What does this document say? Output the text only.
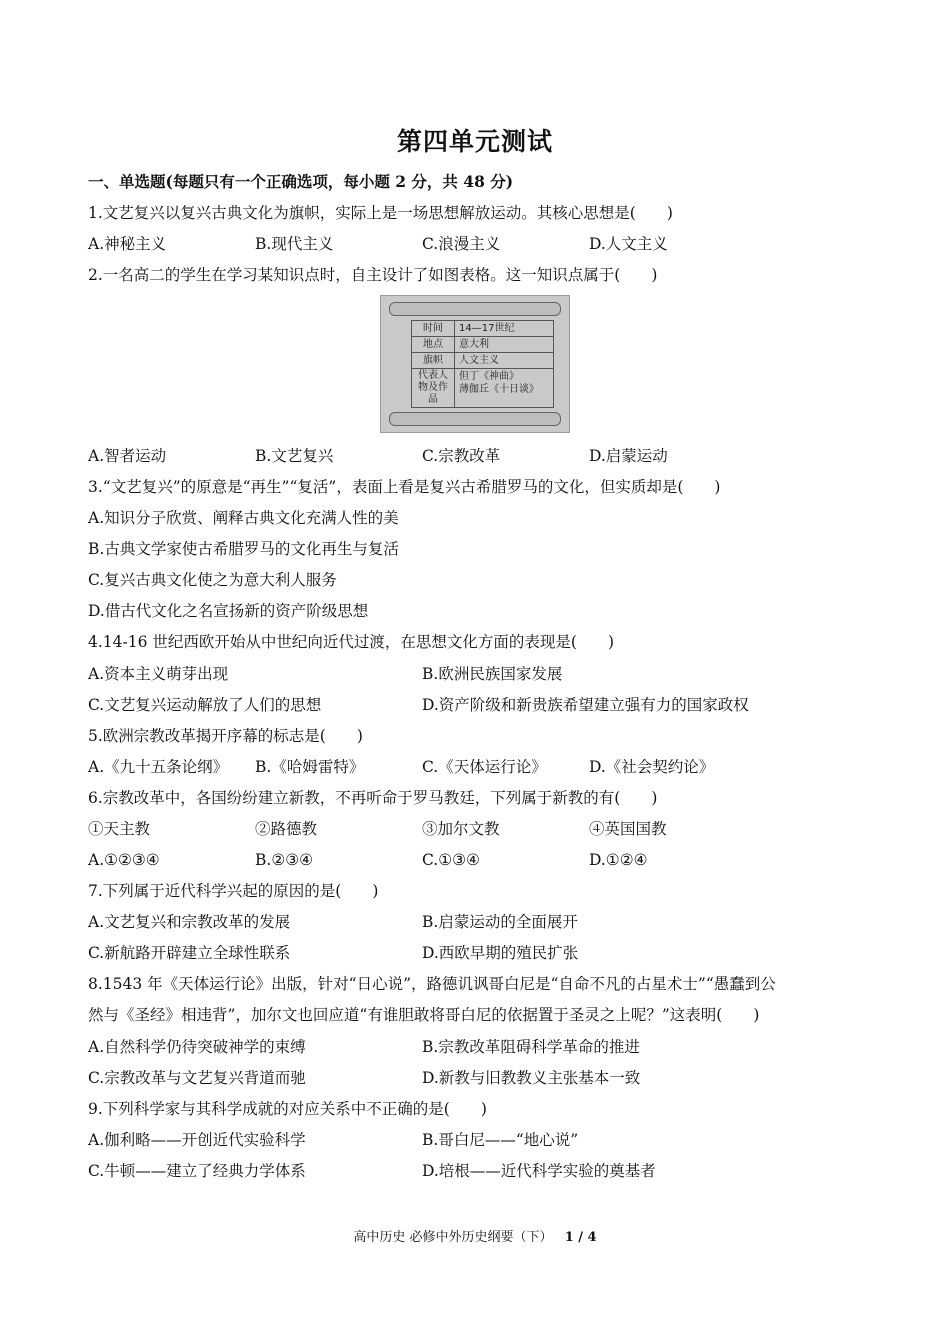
第四单元测试
一、单选题(每题只有一个正确选项，每小题 2 分，共 48 分)
1.文艺复兴以复兴古典文化为旗帜，实际上是一场思想解放运动。其核心思想是(　　)
A.神秘主义	B.现代主义	C.浪漫主义	D.人文主义
2.一名高二的学生在学习某知识点时，自主设计了如图表格。这一知识点属于(　　)
时间	14—17世纪
地点	意大利
旗帜	人文主义
代表人物及作品	但丁《神曲》
薄伽丘《十日谈》
A.智者运动	B.文艺复兴	C.宗教改革	D.启蒙运动
3.“文艺复兴”的原意是“再生”“复活”，表面上看是复兴古希腊罗马的文化，但实质却是(　　)
A.知识分子欣赏、阐释古典文化充满人性的美
B.古典文学家使古希腊罗马的文化再生与复活
C.复兴古典文化使之为意大利人服务
D.借古代文化之名宣扬新的资产阶级思想
4.14-16 世纪西欧开始从中世纪向近代过渡，在思想文化方面的表现是(　　)
A.资本主义萌芽出现	B.欧洲民族国家发展
C.文艺复兴运动解放了人们的思想	D.资产阶级和新贵族希望建立强有力的国家政权
5.欧洲宗教改革揭开序幕的标志是(　　)
A.《九十五条论纲》 B.《哈姆雷特》	C.《天体运行论》	D.《社会契约论》
6.宗教改革中，各国纷纷建立新教，不再听命于罗马教廷，下列属于新教的有(　　)
①天主教	②路德教	③加尔文教	④英国国教
A.①②③④	B.②③④	C.①③④	D.①②④
7.下列属于近代科学兴起的原因的是(　　)
A.文艺复兴和宗教改革的发展	B.启蒙运动的全面展开
C.新航路开辟建立全球性联系	D.西欧早期的殖民扩张
8.1543 年《天体运行论》出版，针对“日心说”，路德讥讽哥白尼是“自命不凡的占星术士”“愚蠢到公
然与《圣经》相违背”，加尔文也回应道“有谁胆敢将哥白尼的依据置于圣灵之上呢？”这表明(　　)
A.自然科学仍待突破神学的束缚	B.宗教改革阻碍科学革命的推进
C.宗教改革与文艺复兴背道而驰	D.新教与旧教教义主张基本一致
9.下列科学家与其科学成就的对应关系中不正确的是(　　)
A.伽利略——开创近代实验科学	B.哥白尼——“地心说”
C.牛顿——建立了经典力学体系	D.培根——近代科学实验的奠基者
高中历史 必修中外历史纲要（下） 1 / 4
